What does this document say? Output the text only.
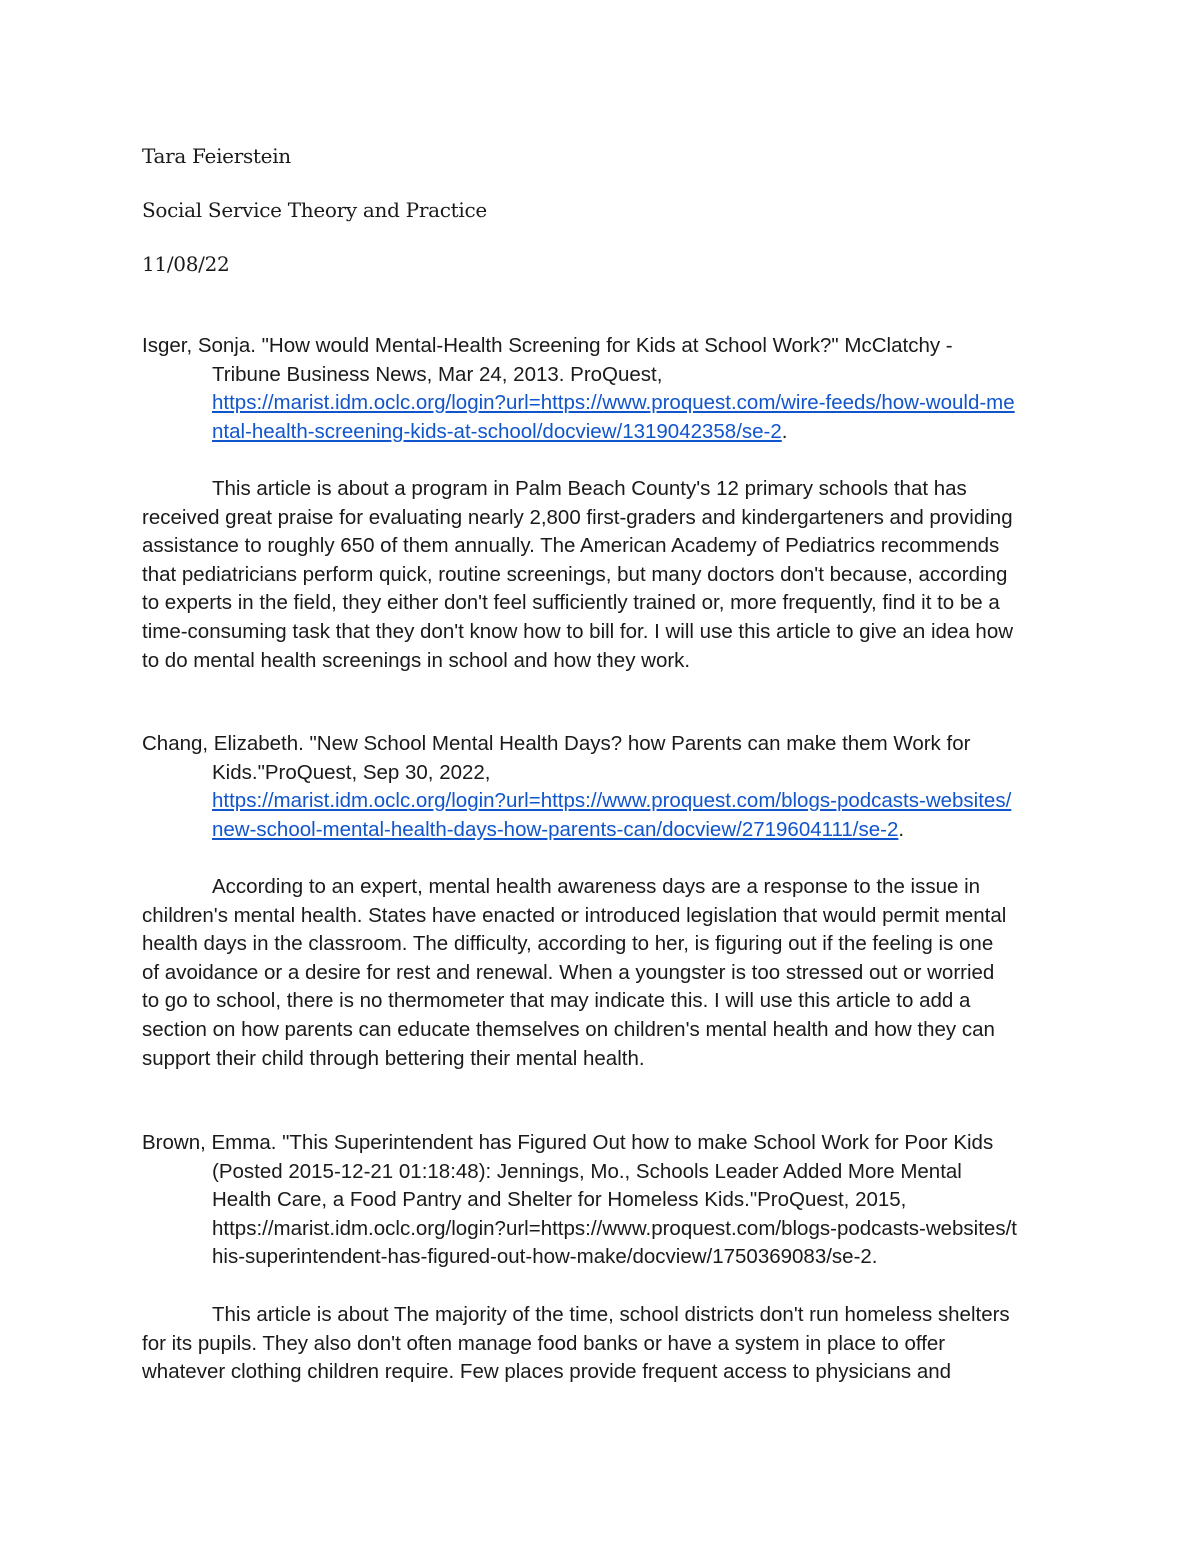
Tara Feierstein
Social Service Theory and Practice
11/08/22
Isger, Sonja. "How would Mental-Health Screening for Kids at School Work?" McClatchy -
Tribune Business News, Mar 24, 2013. ProQuest,
https://marist.idm.oclc.org/login?url=https://www.proquest.com/wire-feeds/how-would-me
ntal-health-screening-kids-at-school/docview/1319042358/se-2.
This article is about a program in Palm Beach County's 12 primary schools that has
received great praise for evaluating nearly 2,800 first-graders and kindergarteners and providing
assistance to roughly 650 of them annually. The American Academy of Pediatrics recommends
that pediatricians perform quick, routine screenings, but many doctors don't because, according
to experts in the field, they either don't feel sufficiently trained or, more frequently, find it to be a
time-consuming task that they don't know how to bill for. I will use this article to give an idea how
to do mental health screenings in school and how they work.
Chang, Elizabeth. "New School Mental Health Days? how Parents can make them Work for
Kids."ProQuest, Sep 30, 2022,
https://marist.idm.oclc.org/login?url=https://www.proquest.com/blogs-podcasts-websites/
new-school-mental-health-days-how-parents-can/docview/2719604111/se-2.
According to an expert, mental health awareness days are a response to the issue in
children's mental health. States have enacted or introduced legislation that would permit mental
health days in the classroom. The difficulty, according to her, is figuring out if the feeling is one
of avoidance or a desire for rest and renewal. When a youngster is too stressed out or worried
to go to school, there is no thermometer that may indicate this. I will use this article to add a
section on how parents can educate themselves on children's mental health and how they can
support their child through bettering their mental health.
Brown, Emma. "This Superintendent has Figured Out how to make School Work for Poor Kids
(Posted 2015-12-21 01:18:48): Jennings, Mo., Schools Leader Added More Mental
Health Care, a Food Pantry and Shelter for Homeless Kids."ProQuest, 2015,
https://marist.idm.oclc.org/login?url=https://www.proquest.com/blogs-podcasts-websites/t
his-superintendent-has-figured-out-how-make/docview/1750369083/se-2.
This article is about The majority of the time, school districts don't run homeless shelters
for its pupils. They also don't often manage food banks or have a system in place to offer
whatever clothing children require. Few places provide frequent access to physicians and
